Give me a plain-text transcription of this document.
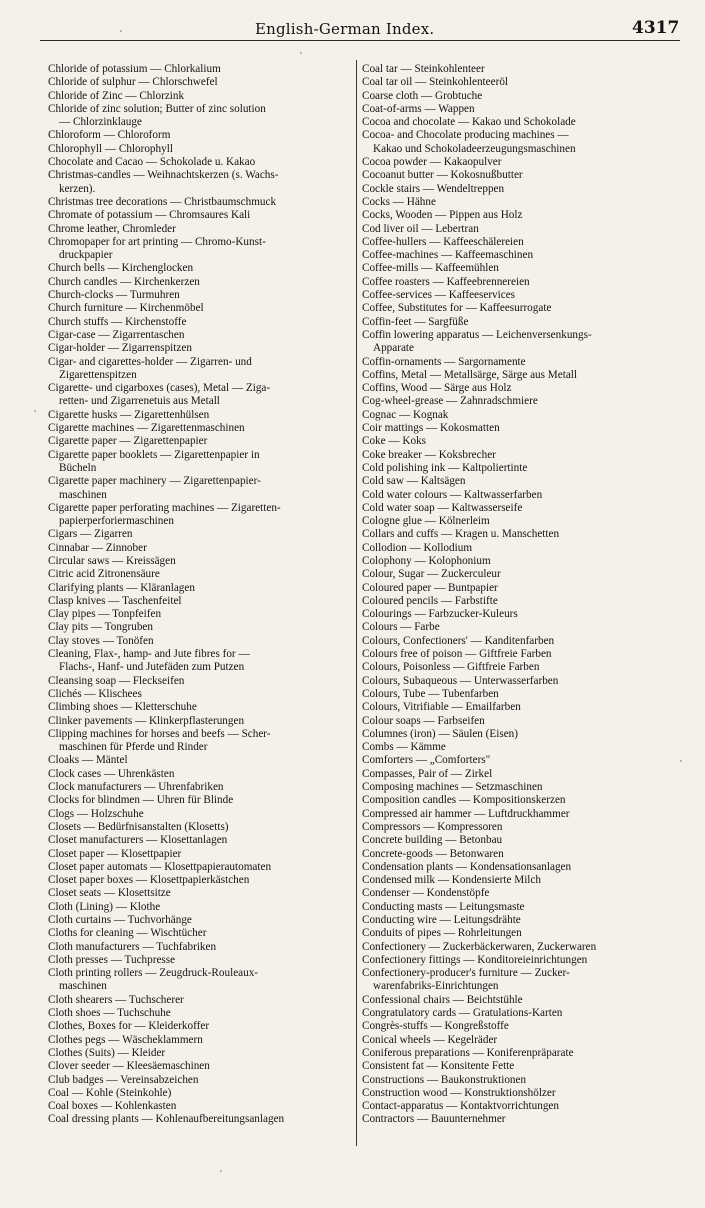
English-German Index.	4317
Chloride of potassium — Chlorkalium
Chloride of sulphur — Chlorschwefel
Chloride of Zinc — Chlorzink
Chloride of zinc solution; Butter of zinc solution
— Chlorzinklauge
Chloroform — Chloroform
Chlorophyll — Chlorophyll
Chocolate and Cacao — Schokolade u. Kakao
Christmas-candles — Weihnachtskerzen (s. Wachs-
kerzen).
Christmas tree decorations — Christbaumschmuck
Chromate of potassium — Chromsaures Kali
Chrome leather, Chromleder
Chromopaper for art printing — Chromo-Kunst-
druckpapier
Church bells — Kirchenglocken
Church candles — Kirchenkerzen
Church-clocks — Turmuhren
Church furniture — Kirchenmöbel
Church stuffs — Kirchenstoffe
Cigar-case — Zigarrentaschen
Cigar-holder — Zigarrenspitzen
Cigar- and cigarettes-holder — Zigarren- und
Zigarettenspitzen
Cigarette- und cigarboxes (cases), Metal — Ziga-
retten- und Zigarrenetuis aus Metall
Cigarette husks — Zigarettenhülsen
Cigarette machines — Zigarettenmaschinen
Cigarette paper — Zigarettenpapier
Cigarette paper booklets — Zigarettenpapier in
Bücheln
Cigarette paper machinery — Zigarettenpapier-
maschinen
Cigarette paper perforating machines — Zigaretten-
papierperforiermaschinen
Cigars — Zigarren
Cinnabar — Zinnober
Circular saws — Kreissägen
Citric acid Zitronensäure
Clarifying plants — Kläranlagen
Clasp knives — Taschenfeitel
Clay pipes — Tonpfeifen
Clay pits — Tongruben
Clay stoves — Tonöfen
Cleaning, Flax-, hamp- and Jute fibres for —
Flachs-, Hanf- und Jutefäden zum Putzen
Cleansing soap — Fleckseifen
Clichés — Klischees
Climbing shoes — Kletterschuhe
Clinker pavements — Klinkerpflasterungen
Clipping machines for horses and beefs — Scher-
maschinen für Pferde und Rinder
Cloaks — Mäntel
Clock cases — Uhrenkästen
Clock manufacturers — Uhrenfabriken
Clocks for blindmen — Uhren für Blinde
Clogs — Holzschuhe
Closets — Bedürfnisanstalten (Klosetts)
Closet manufacturers — Klosettanlagen
Closet paper — Klosettpapier
Closet paper automats — Klosettpapierautomaten
Closet paper boxes — Klosettpapierkästchen
Closet seats — Klosettsitze
Cloth (Lining) — Klothe
Cloth curtains — Tuchvorhänge
Cloths for cleaning — Wischtücher
Cloth manufacturers — Tuchfabriken
Cloth presses — Tuchpresse
Cloth printing rollers — Zeugdruck-Rouleaux-
maschinen
Cloth shearers — Tuchscherer
Cloth shoes — Tuchschuhe
Clothes, Boxes for — Kleiderkoffer
Clothes pegs — Wäscheklammern
Clothes (Suits) — Kleider
Clover seeder — Kleesäemaschinen
Club badges — Vereinsabzeichen
Coal — Kohle (Steinkohle)
Coal boxes — Kohlenkasten
Coal dressing plants — Kohlenaufbereitungsanlagen
Coal tar — Steinkohlenteer
Coal tar oil — Steinkohlenteeröl
Coarse cloth — Grobtuche
Coat-of-arms — Wappen
Cocoa and chocolate — Kakao und Schokolade
Cocoa- and Chocolate producing machines —
Kakao und Schokoladeerzeugungsmaschinen
Cocoa powder — Kakaopulver
Cocoanut butter — Kokosnußbutter
Cockle stairs — Wendeltreppen
Cocks — Hähne
Cocks, Wooden — Pippen aus Holz
Cod liver oil — Lebertran
Coffee-hullers — Kaffeeschälereien
Coffee-machines — Kaffeemaschinen
Coffee-mills — Kaffeemühlen
Coffee roasters — Kaffeebrennereien
Coffee-services — Kaffeeservices
Coffee, Substitutes for — Kaffeesurrogate
Coffin-feet — Sargfüße
Coffin lowering apparatus — Leichenversenkungs-
Apparate
Coffin-ornaments — Sargornamente
Coffins, Metal — Metallsärge, Särge aus Metall
Coffins, Wood — Särge aus Holz
Cog-wheel-grease — Zahnradschmiere
Cognac — Kognak
Coir mattings — Kokosmatten
Coke — Koks
Coke breaker — Koksbrecher
Cold polishing ink — Kaltpoliertinte
Cold saw — Kaltsägen
Cold water colours — Kaltwasserfarben
Cold water soap — Kaltwasserseife
Cologne glue — Kölnerleim
Collars and cuffs — Kragen u. Manschetten
Collodion — Kollodium
Colophony — Kolophonium
Colour, Sugar — Zuckerculeur
Coloured paper — Buntpapier
Coloured pencils — Farbstifte
Colourings — Farbzucker-Kuleurs
Colours — Farbe
Colours, Confectioners' — Kanditenfarben
Colours free of poison — Giftfreie Farben
Colours, Poisonless — Giftfreie Farben
Colours, Subaqueous — Unterwasserfarben
Colours, Tube — Tubenfarben
Colours, Vitrifiable — Emailfarben
Colour soaps — Farbseifen
Columnes (iron) — Säulen (Eisen)
Combs — Kämme
Comforters — „Comforters"
Compasses, Pair of — Zirkel
Composing machines — Setzmaschinen
Composition candles — Kompositionskerzen
Compressed air hammer — Luftdruckhammer
Compressors — Kompressoren
Concrete building — Betonbau
Concrete-goods — Betonwaren
Condensation plants — Kondensationsanlagen
Condensed milk — Kondensierte Milch
Condenser — Kondenstöpfe
Conducting masts — Leitungsmaste
Conducting wire — Leitungsdrähte
Conduits of pipes — Rohrleitungen
Confectionery — Zuckerbäckerwaren, Zuckerwaren
Confectionery fittings — Konditoreieinrichtungen
Confectionery-producer's furniture — Zucker-
warenfabriks-Einrichtungen
Confessional chairs — Beichtstühle
Congratulatory cards — Gratulations-Karten
Congrès-stuffs — Kongreßstoffe
Conical wheels — Kegelräder
Coniferous preparations — Koniferenpräparate
Consistent fat — Konsitente Fette
Constructions — Baukonstruktionen
Construction wood — Konstruktionshölzer
Contact-apparatus — Kontaktvorrichtungen
Contractors — Bauunternehmer
